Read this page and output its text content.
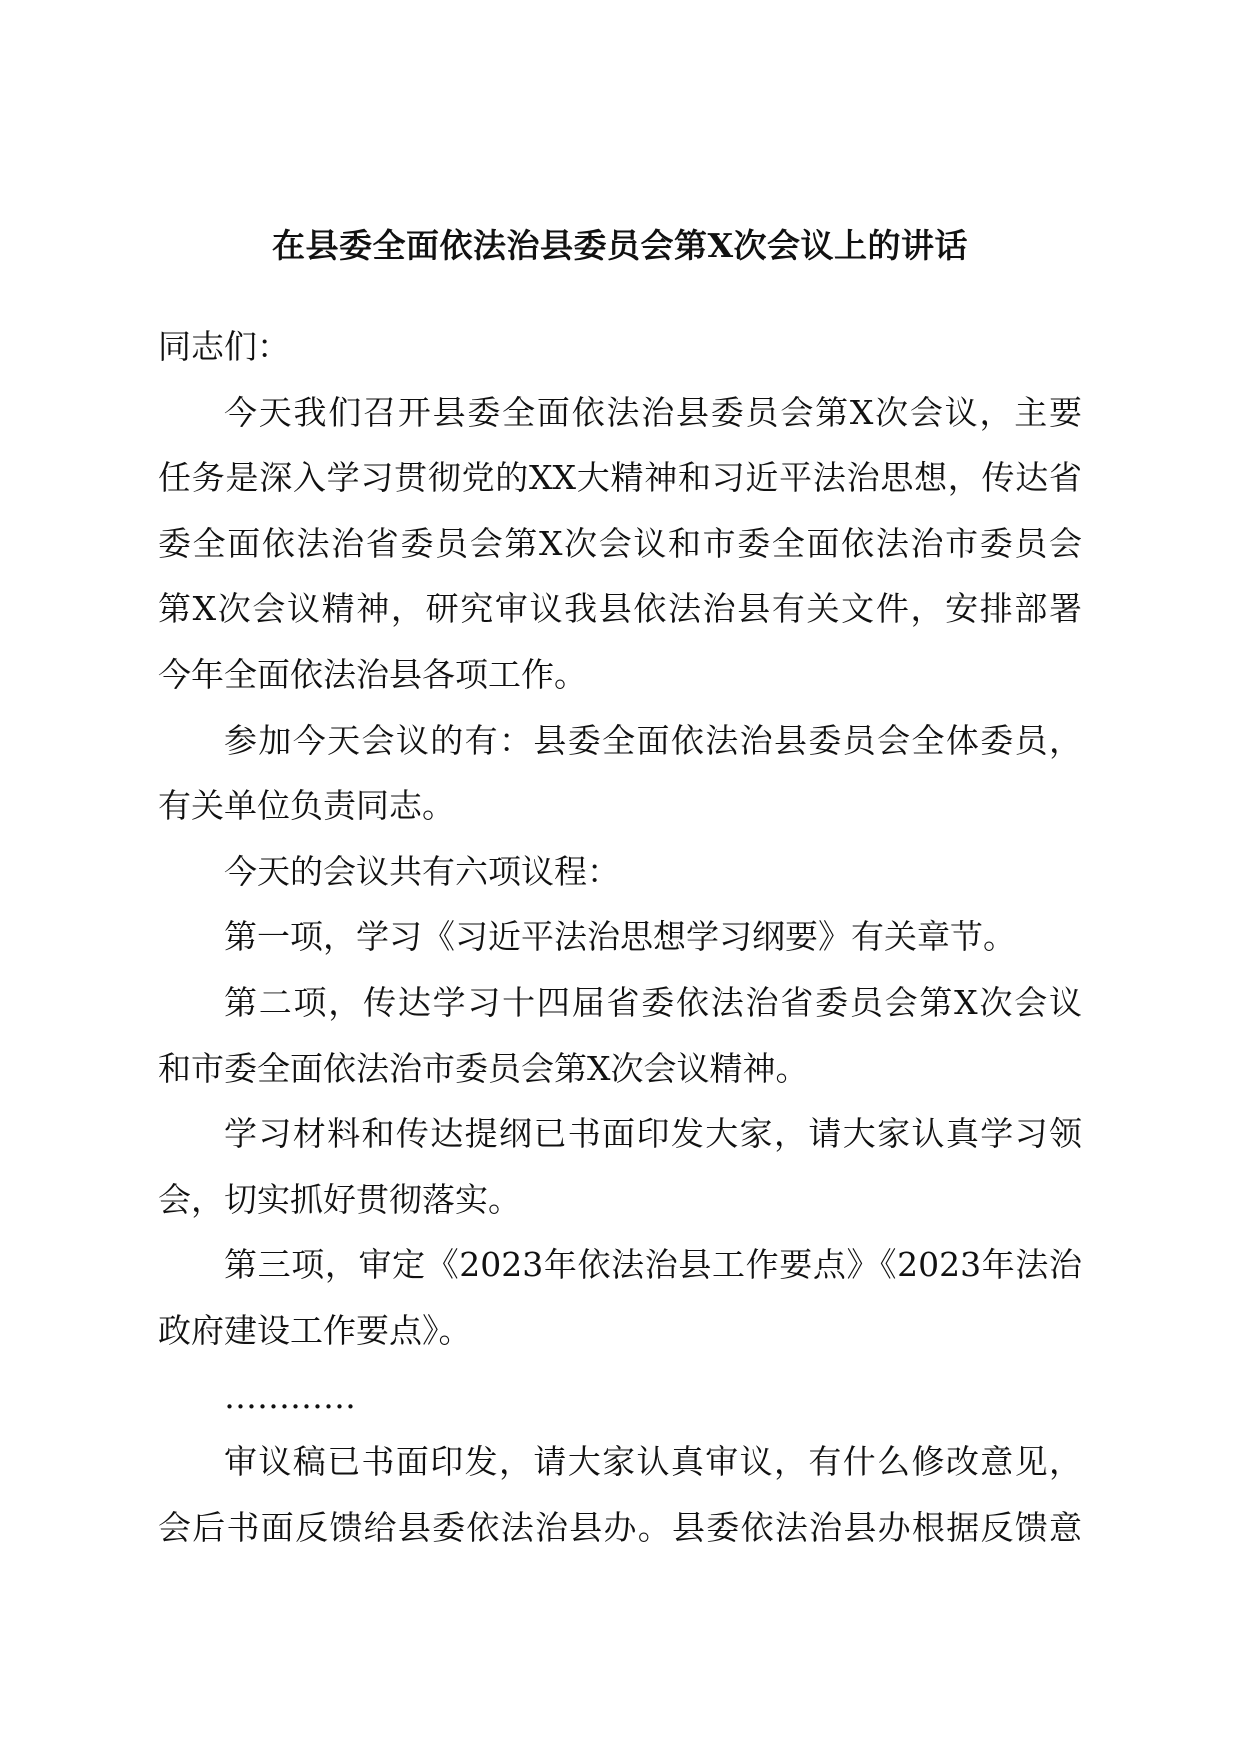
在县委全面依法治县委员会第X次会议上的讲话
同志们：
今天我们召开县委全面依法治县委员会第X次会议，主要
任务是深入学习贯彻党的XX大精神和习近平法治思想，传达省
委全面依法治省委员会第X次会议和市委全面依法治市委员会
第X次会议精神，研究审议我县依法治县有关文件，安排部署
今年全面依法治县各项工作。
参加今天会议的有：县委全面依法治县委员会全体委员，
有关单位负责同志。
今天的会议共有六项议程：
第一项，学习《习近平法治思想学习纲要》有关章节。
第二项，传达学习十四届省委依法治省委员会第X次会议
和市委全面依法治市委员会第X次会议精神。
学习材料和传达提纲已书面印发大家，请大家认真学习领
会，切实抓好贯彻落实。
第三项，审定《2023年依法治县工作要点》《2023年法治
政府建设工作要点》。
…………
审议稿已书面印发，请大家认真审议，有什么修改意见，
会后书面反馈给县委依法治县办。县委依法治县办根据反馈意
